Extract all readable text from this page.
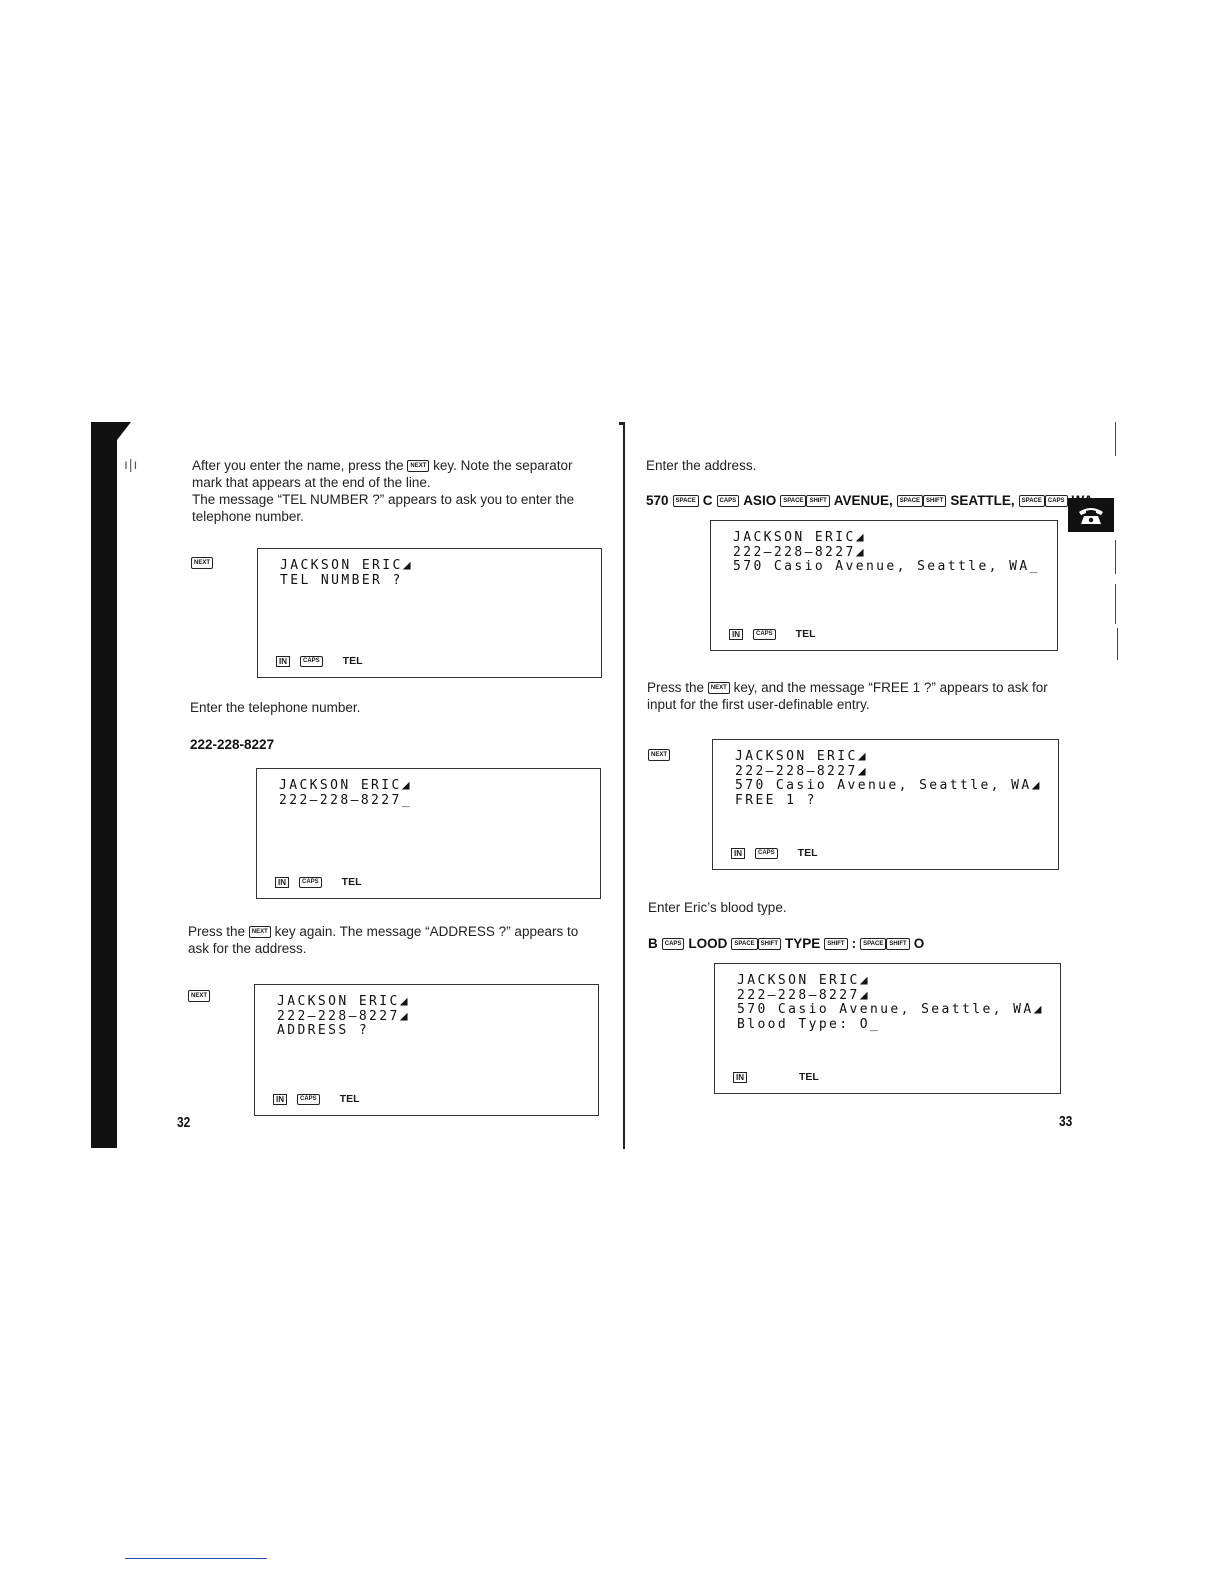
ı|ı	After you enter the name, press the NEXT key. Note the separator mark that appears at the end of the line.
The message “TEL NUMBER ?” appears to ask you to enter the telephone number.
NEXT	JACKSON ERIC◢
TEL NUMBER ?
IN	CAPS TEL
Enter the telephone number.
222-228-8227
JACKSON ERIC◢
222–228–8227_
IN	CAPS TEL
Press the NEXT key again. The message “ADDRESS ?” appears to ask for the address.
NEXT	JACKSON ERIC◢
222–228–8227◢
ADDRESS ?
IN	CAPS TEL
32
Enter the address.
570	SPACE C	CAPS ASIO	SPACE	SHIFT AVENUE,	SPACE	SHIFT SEATTLE,	SPACE	CAPS
JACKSON ERIC◢
222–228–8227◢
570 Casio Avenue, Seattle, WA_
IN	CAPS TEL
Press the NEXT key, and the message “FREE 1 ?” appears to ask for input for the first user-definable entry.
NEXT	JACKSON ERIC◢
222–228–8227◢
570 Casio Avenue, Seattle, WA◢
FREE 1 ?
IN	CAPS TEL
Enter Eric’s blood type.
B	CAPS LOOD	SPACE	SHIFT TYPE	SHIFT :	SPACE	SHIFT O
JACKSON ERIC◢
222–228–8227◢
570 Casio Avenue, Seattle, WA◢
Blood Type: O_
IN	TEL
33
